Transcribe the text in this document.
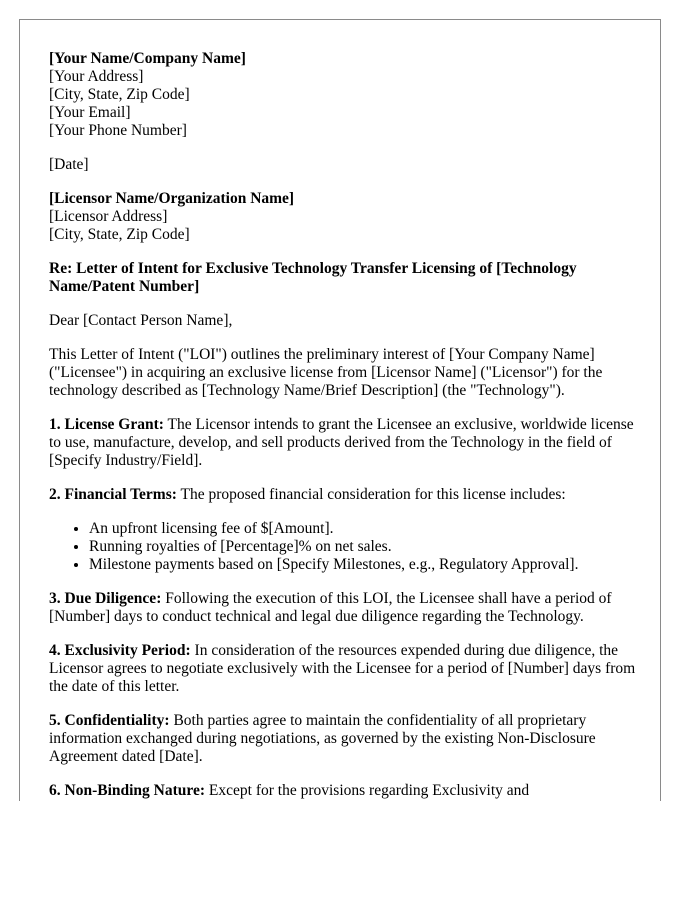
[Your Name/Company Name]
[Your Address]
[City, State, Zip Code]
[Your Email]
[Your Phone Number]
[Date]
[Licensor Name/Organization Name]
[Licensor Address]
[City, State, Zip Code]

Re: Letter of Intent for Exclusive Technology Transfer Licensing of [Technology Name/Patent Number]

Dear [Contact Person Name],

This Letter of Intent ("LOI") outlines the preliminary interest of [Your Company Name] ("Licensee") in acquiring an exclusive license from [Licensor Name] ("Licensor") for the technology described as [Technology Name/Brief Description] (the "Technology").

1. License Grant: The Licensor intends to grant the Licensee an exclusive, worldwide license to use, manufacture, develop, and sell products derived from the Technology in the field of [Specify Industry/Field].

2. Financial Terms: The proposed financial consideration for this license includes:

• An upfront licensing fee of $[Amount].
• Running royalties of [Percentage]% on net sales.
• Milestone payments based on [Specify Milestones, e.g., Regulatory Approval].

3. Due Diligence: Following the execution of this LOI, the Licensee shall have a period of [Number] days to conduct technical and legal due diligence regarding the Technology.

4. Exclusivity Period: In consideration of the resources expended during due diligence, the Licensor agrees to negotiate exclusively with the Licensee for a period of [Number] days from the date of this letter.

5. Confidentiality: Both parties agree to maintain the confidentiality of all proprietary information exchanged during negotiations, as governed by the existing Non-Disclosure Agreement dated [Date].

6. Non-Binding Nature: Except for the provisions regarding Exclusivity and
